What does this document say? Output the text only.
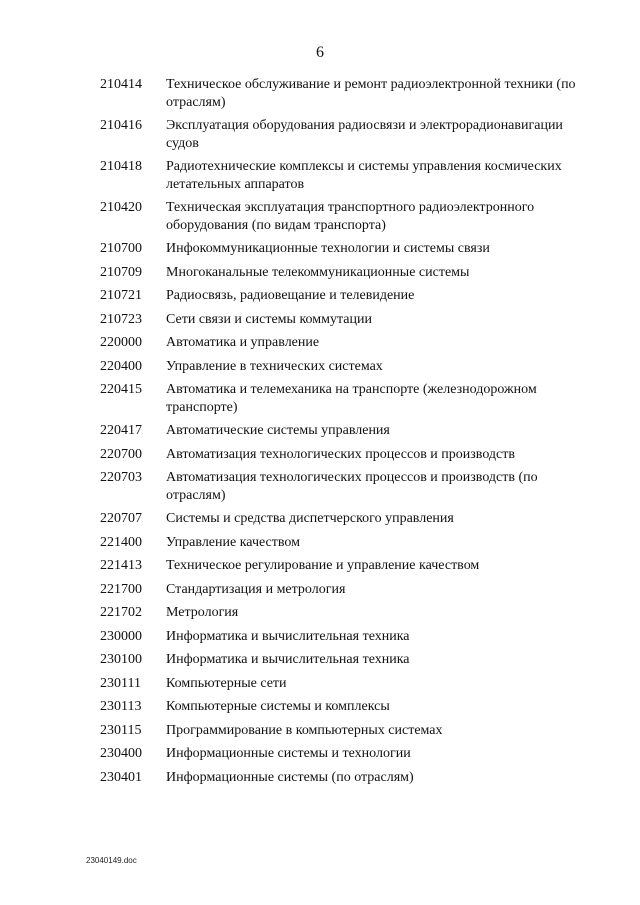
6
210414	Техническое обслуживание и ремонт радиоэлектронной техники (по отраслям)
210416	Эксплуатация оборудования радиосвязи и электрорадионавигации судов
210418	Радиотехнические комплексы и системы управления космических летательных аппаратов
210420	Техническая эксплуатация транспортного радиоэлектронного оборудования (по видам транспорта)
210700	Инфокоммуникационные технологии и системы связи
210709	Многоканальные телекоммуникационные системы
210721	Радиосвязь, радиовещание и телевидение
210723	Сети связи и системы коммутации
220000	Автоматика и управление
220400	Управление в технических системах
220415	Автоматика и телемеханика на транспорте (железнодорожном транспорте)
220417	Автоматические системы управления
220700	Автоматизация технологических процессов и производств
220703	Автоматизация технологических процессов и производств (по отраслям)
220707	Системы и средства диспетчерского управления
221400	Управление качеством
221413	Техническое регулирование и управление качеством
221700	Стандартизация и метрология
221702	Метрология
230000	Информатика и вычислительная техника
230100	Информатика и вычислительная техника
230111	Компьютерные сети
230113	Компьютерные системы и комплексы
230115	Программирование в компьютерных системах
230400	Информационные системы и технологии
230401	Информационные системы (по отраслям)
23040149.doc
